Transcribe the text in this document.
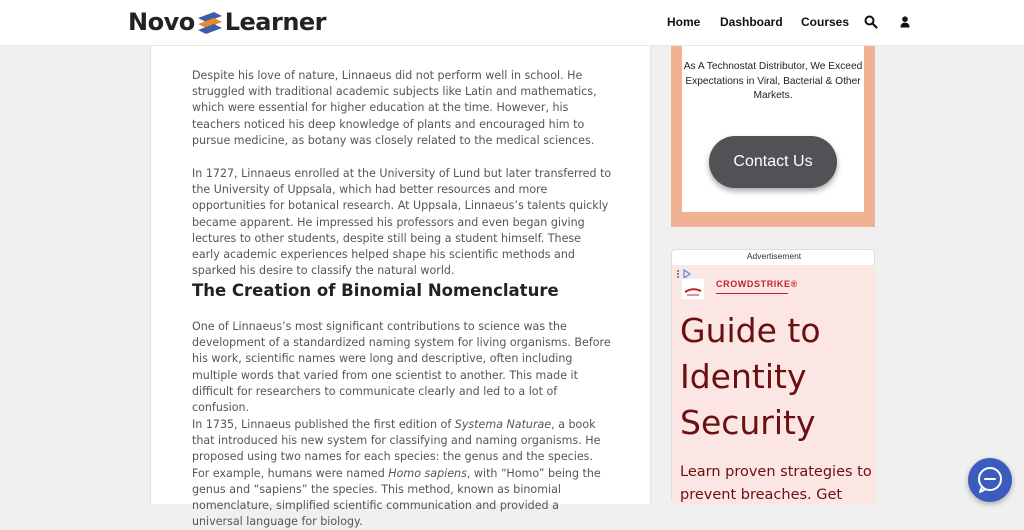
Novo Learner	Home Dashboard Courses

Despite his love of nature, Linnaeus did not perform well in school. He struggled with traditional academic subjects like Latin and mathematics, which were essential for higher education at the time. However, his teachers noticed his deep knowledge of plants and encouraged him to pursue medicine, as botany was closely related to the medical sciences.

In 1727, Linnaeus enrolled at the University of Lund but later transferred to the University of Uppsala, which had better resources and more opportunities for botanical research. At Uppsala, Linnaeus’s talents quickly became apparent. He impressed his professors and even began giving lectures to other students, despite still being a student himself. These early academic experiences helped shape his scientific methods and sparked his desire to classify the natural world.

The Creation of Binomial Nomenclature

One of Linnaeus’s most significant contributions to science was the development of a standardized naming system for living organisms. Before his work, scientific names were long and descriptive, often including multiple words that varied from one scientist to another. This made it difficult for researchers to communicate clearly and led to a lot of confusion.

In 1735, Linnaeus published the first edition of Systema Naturae, a book that introduced his new system for classifying and naming organisms. He proposed using two names for each species: the genus and the species. For example, humans were named Homo sapiens, with “Homo” being the genus and “sapiens” the species. This method, known as binomial nomenclature, simplified scientific communication and provided a universal language for biology.

As A Technostat Distributor, We Exceed Expectations in Viral, Bacterial & Other Markets.
Contact Us
Advertisement
CROWDSTRIKE®
Guide to Identity Security
Learn proven strategies to prevent breaches. Get
